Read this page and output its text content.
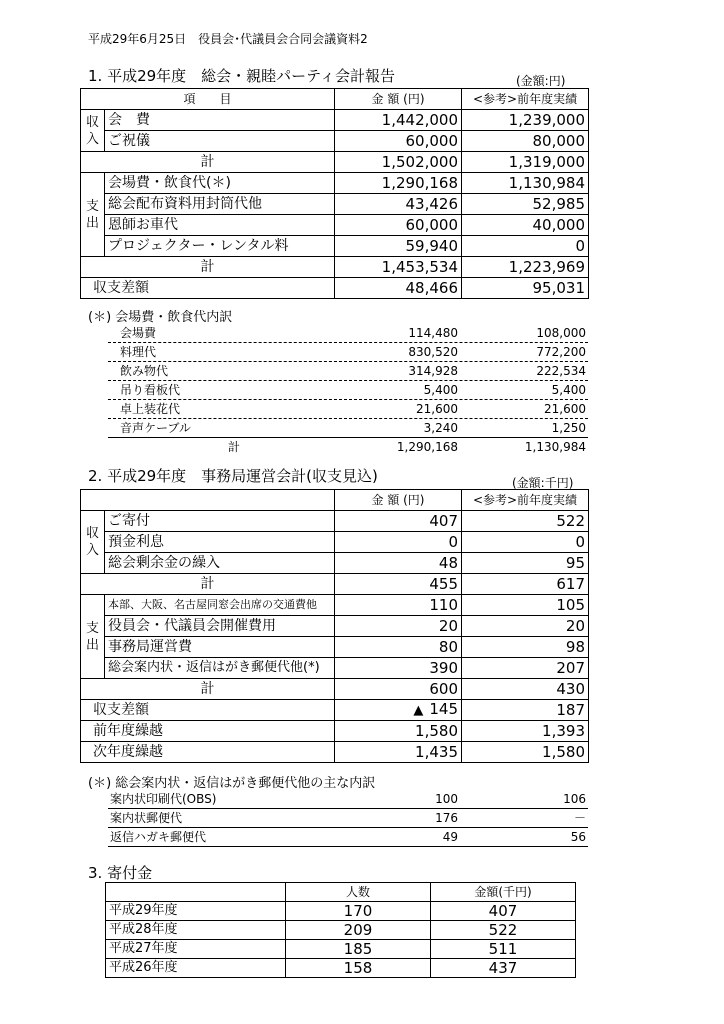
平成29年6月25日　役員会･代議員会合同会議資料2
1. 平成29年度　総会・親睦パーティ会計報告	(金額:円)
項　　目		金 額 (円)	<参考>前年度実績

収入	会　費	1,442,000	1,239,000
	ご祝儀	60,000	80,000
計		1,502,000	1,319,000

支出	会場費・飲食代(＊)	1,290,168	1,130,984
	総会配布資料用封筒代他	43,426	52,985
	恩師お車代	60,000	40,000
	プロジェクター・レンタル料	59,940	0
計		1,453,534	1,223,969
収支差額		48,466	95,031
(＊) 会場費・飲食代内訳
会場費	114,480	108,000
料理代	830,520	772,200
飲み物代	314,928	222,534
吊り看板代	5,400	5,400
卓上装花代	21,600	21,600
音声ケーブル	3,240	1,250
計	1,290,168	1,130,984
2. 平成29年度　事務局運営会計(収支見込)	(金額:千円)
		金 額 (円)	<参考>前年度実績

収入	ご寄付	407	522
	預金利息	0	0
	総会剰余金の繰入	48	95
計		455	617

支出	本部、大阪、名古屋同窓会出席の交通費他	110	105
	役員会・代議員会開催費用	20	20
	事務局運営費	80	98
	総会案内状・返信はがき郵便代他(*)	390	207
計		600	430
収支差額		▲ 145	187
前年度繰越		1,580	1,393
次年度繰越		1,435	1,580
(＊) 総会案内状・返信はがき郵便代他の主な内訳
案内状印刷代(OBS)	100	106
案内状郵便代	176	－
返信ハガキ郵便代	49	56
3. 寄付金
	人数	金額(千円)
平成29年度	170	407
平成28年度	209	522
平成27年度	185	511
平成26年度	158	437
